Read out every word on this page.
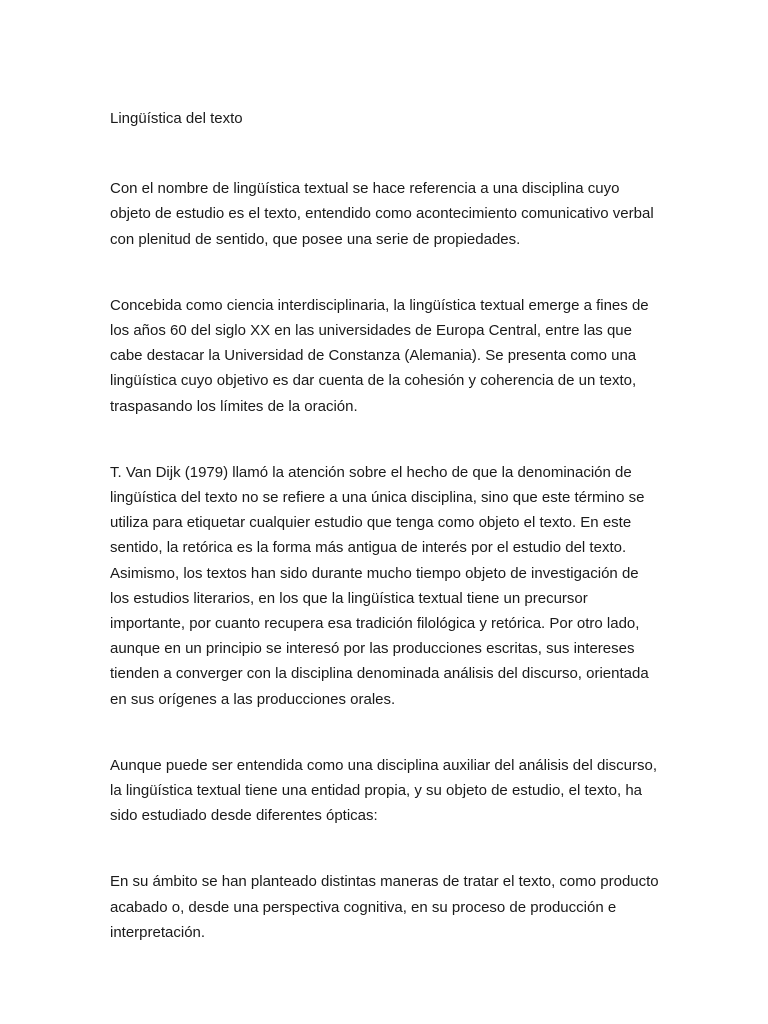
Lingüística del texto
Con el nombre de lingüística textual se hace referencia a una disciplina cuyo
objeto de estudio es el texto, entendido como acontecimiento comunicativo verbal
con plenitud de sentido, que posee una serie de propiedades.
Concebida como ciencia interdisciplinaria, la lingüística textual emerge a fines de
los años 60 del siglo XX en las universidades de Europa Central, entre las que
cabe destacar la Universidad de Constanza (Alemania). Se presenta como una
lingüística cuyo objetivo es dar cuenta de la cohesión y coherencia de un texto,
traspasando los límites de la oración.
T. Van Dijk (1979) llamó la atención sobre el hecho de que la denominación de
lingüística del texto no se refiere a una única disciplina, sino que este término se
utiliza para etiquetar cualquier estudio que tenga como objeto el texto. En este
sentido, la retórica es la forma más antigua de interés por el estudio del texto.
Asimismo, los textos han sido durante mucho tiempo objeto de investigación de
los estudios literarios, en los que la lingüística textual tiene un precursor
importante, por cuanto recupera esa tradición filológica y retórica. Por otro lado,
aunque en un principio se interesó por las producciones escritas, sus intereses
tienden a converger con la disciplina denominada análisis del discurso, orientada
en sus orígenes a las producciones orales.
Aunque puede ser entendida como una disciplina auxiliar del análisis del discurso,
la lingüística textual tiene una entidad propia, y su objeto de estudio, el texto, ha
sido estudiado desde diferentes ópticas:
En su ámbito se han planteado distintas maneras de tratar el texto, como producto
acabado o, desde una perspectiva cognitiva, en su proceso de producción e
interpretación.
